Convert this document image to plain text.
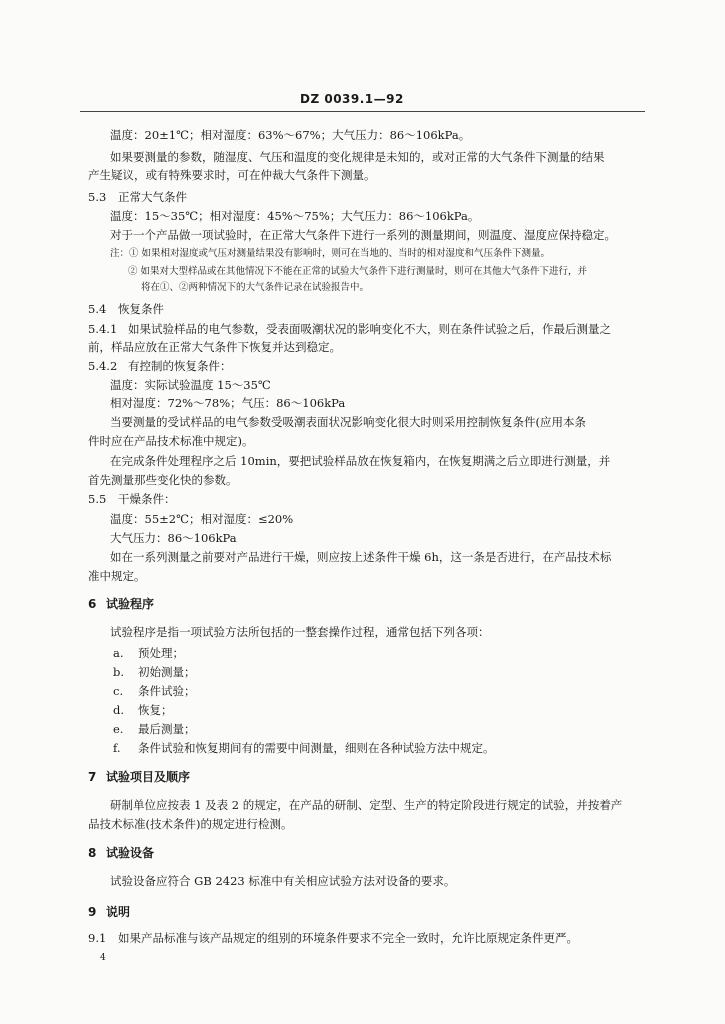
DZ 0039.1—92
温度：20±1℃；相对湿度：63%～67%；大气压力：86～106kPa。
如果要测量的参数，随湿度、气压和温度的变化规律是未知的，或对正常的大气条件下测量的结果
产生疑议，或有特殊要求时，可在仲裁大气条件下测量。
5.3 正常大气条件
温度：15～35℃；相对湿度：45%～75%；大气压力：86～106kPa。
对于一个产品做一项试验时，在正常大气条件下进行一系列的测量期间，则温度、湿度应保持稳定。
注：① 如果相对湿度或气压对测量结果没有影响时，则可在当地的、当时的相对湿度和气压条件下测量。
② 如果对大型样品或在其他情况下不能在正常的试验大气条件下进行测量时，则可在其他大气条件下进行，并
将在①、②两种情况下的大气条件记录在试验报告中。
5.4 恢复条件
5.4.1 如果试验样品的电气参数，受表面吸潮状况的影响变化不大，则在条件试验之后，作最后测量之
前，样品应放在正常大气条件下恢复并达到稳定。
5.4.2 有控制的恢复条件：
温度：实际试验温度 15～35℃
相对湿度：72%～78%；气压：86～106kPa
当要测量的受试样品的电气参数受吸潮表面状况影响变化很大时则采用控制恢复条件(应用本条
件时应在产品技术标准中规定)。
在完成条件处理程序之后 10min，要把试验样品放在恢复箱内，在恢复期满之后立即进行测量，并
首先测量那些变化快的参数。
5.5 干燥条件：
温度：55±2℃；相对湿度：≤20%
大气压力：86～106kPa
如在一系列测量之前要对产品进行干燥，则应按上述条件干燥 6h，这一条是否进行，在产品技术标
准中规定。
6 试验程序
试验程序是指一项试验方法所包括的一整套操作过程，通常包括下列各项：
a. 预处理；
b. 初始测量；
c. 条件试验；
d. 恢复；
e. 最后测量；
f. 条件试验和恢复期间有的需要中间测量，细则在各种试验方法中规定。
7 试验项目及顺序
研制单位应按表 1 及表 2 的规定，在产品的研制、定型、生产的特定阶段进行规定的试验，并按着产
品技术标准(技术条件)的规定进行检测。
8 试验设备
试验设备应符合 GB 2423 标准中有关相应试验方法对设备的要求。
9 说明
9.1 如果产品标准与该产品规定的组别的环境条件要求不完全一致时，允许比原规定条件更严。
4
